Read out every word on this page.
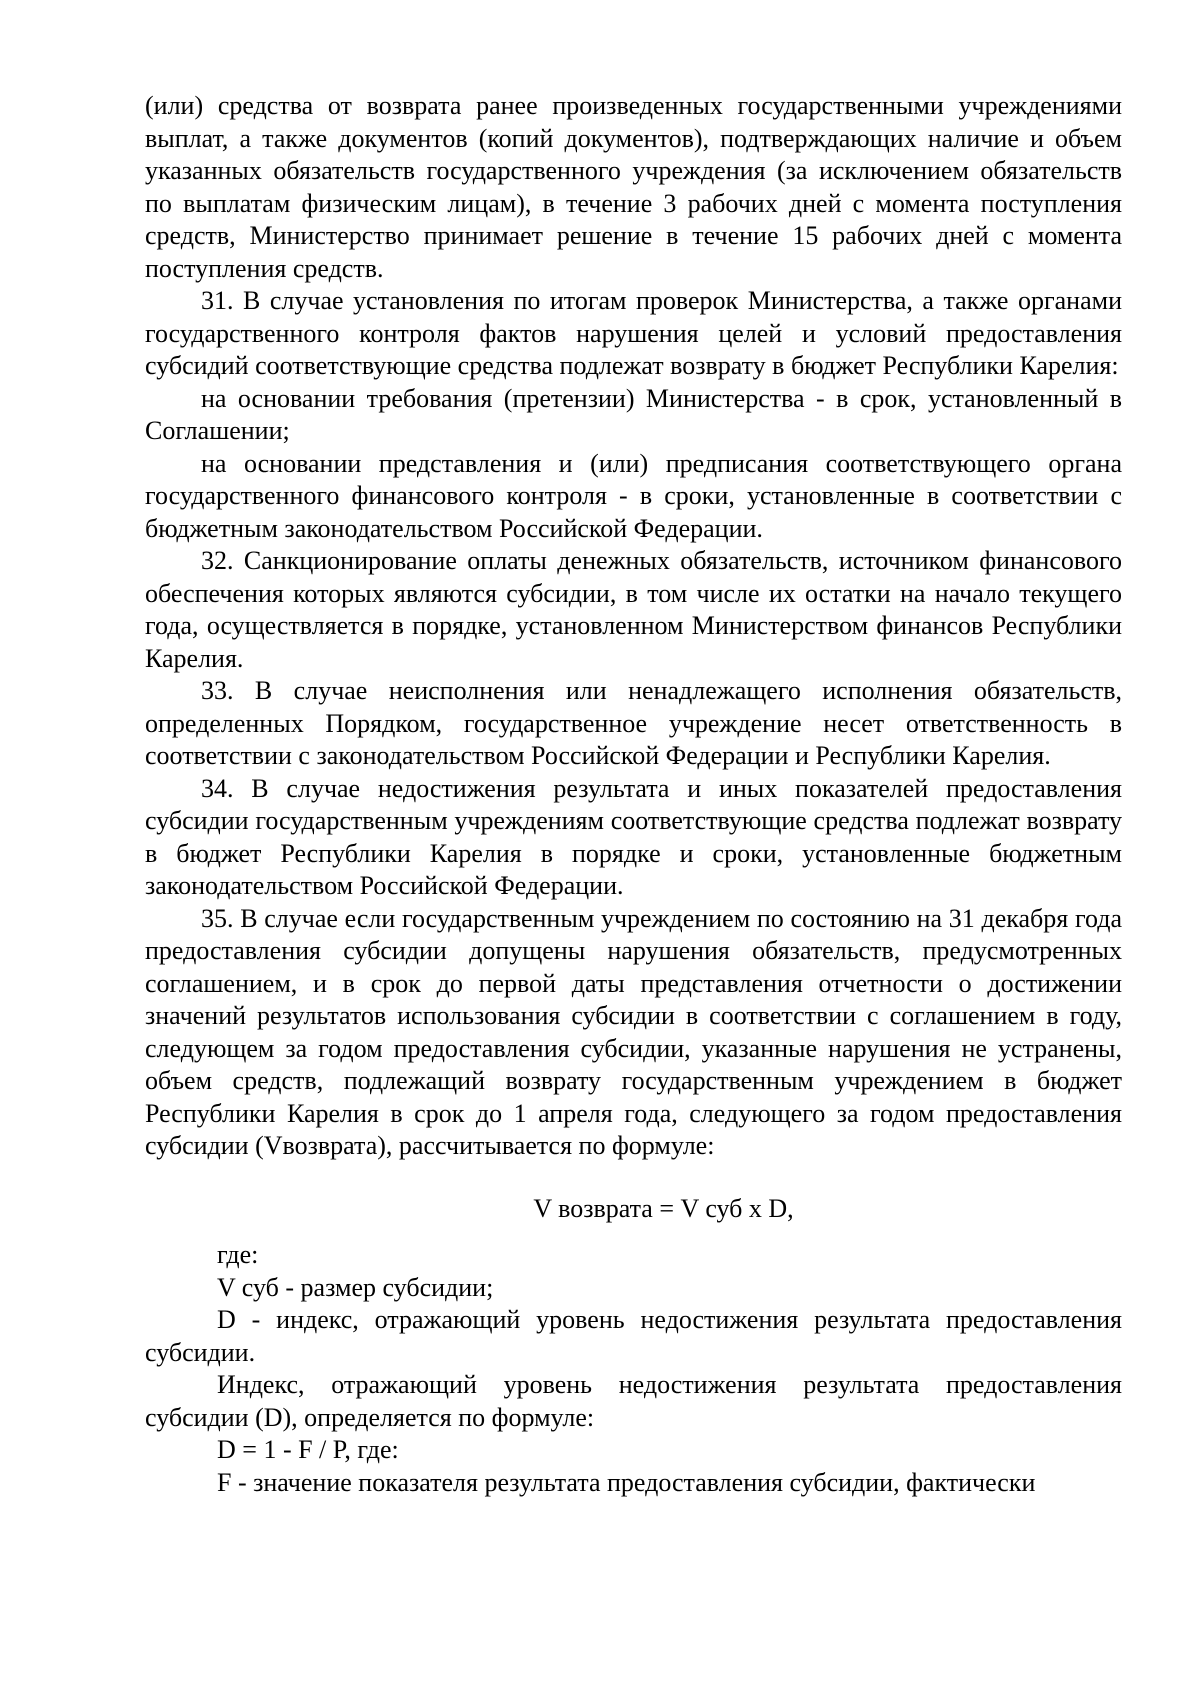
(или) средства от возврата ранее произведенных государственными учреждениями выплат, а также документов (копий документов), подтверждающих наличие и объем указанных обязательств государственного учреждения (за исключением обязательств по выплатам физическим лицам), в течение 3 рабочих дней с момента поступления средств, Министерство принимает решение в течение 15 рабочих дней с момента поступления средств.

31. В случае установления по итогам проверок Министерства, а также органами государственного контроля фактов нарушения целей и условий предоставления субсидий соответствующие средства подлежат возврату в бюджет Республики Карелия:

на основании требования (претензии) Министерства - в срок, установленный в Соглашении;

на основании представления и (или) предписания соответствующего органа государственного финансового контроля - в сроки, установленные в соответствии с бюджетным законодательством Российской Федерации.

32. Санкционирование оплаты денежных обязательств, источником финансового обеспечения которых являются субсидии, в том числе их остатки на начало текущего года, осуществляется в порядке, установленном Министерством финансов Республики Карелия.

33. В случае неисполнения или ненадлежащего исполнения обязательств, определенных Порядком, государственное учреждение несет ответственность в соответствии с законодательством Российской Федерации и Республики Карелия.

34. В случае недостижения результата и иных показателей предоставления субсидии государственным учреждениям соответствующие средства подлежат возврату в бюджет Республики Карелия в порядке и сроки, установленные бюджетным законодательством Российской Федерации.

35. В случае если государственным учреждением по состоянию на 31 декабря года предоставления субсидии допущены нарушения обязательств, предусмотренных соглашением, и в срок до первой даты представления отчетности о достижении значений результатов использования субсидии в соответствии с соглашением в году, следующем за годом предоставления субсидии, указанные нарушения не устранены, объем средств, подлежащий возврату государственным учреждением в бюджет Республики Карелия в срок до 1 апреля года, следующего за годом предоставления субсидии (Vвозврата), рассчитывается по формуле:

V возврата = V суб x D,

где:

V суб - размер субсидии;

D - индекс, отражающий уровень недостижения результата предоставления субсидии.

Индекс, отражающий уровень недостижения результата предоставления субсидии (D), определяется по формуле:

D = 1 - F / P, где:

F - значение показателя результата предоставления субсидии, фактически
